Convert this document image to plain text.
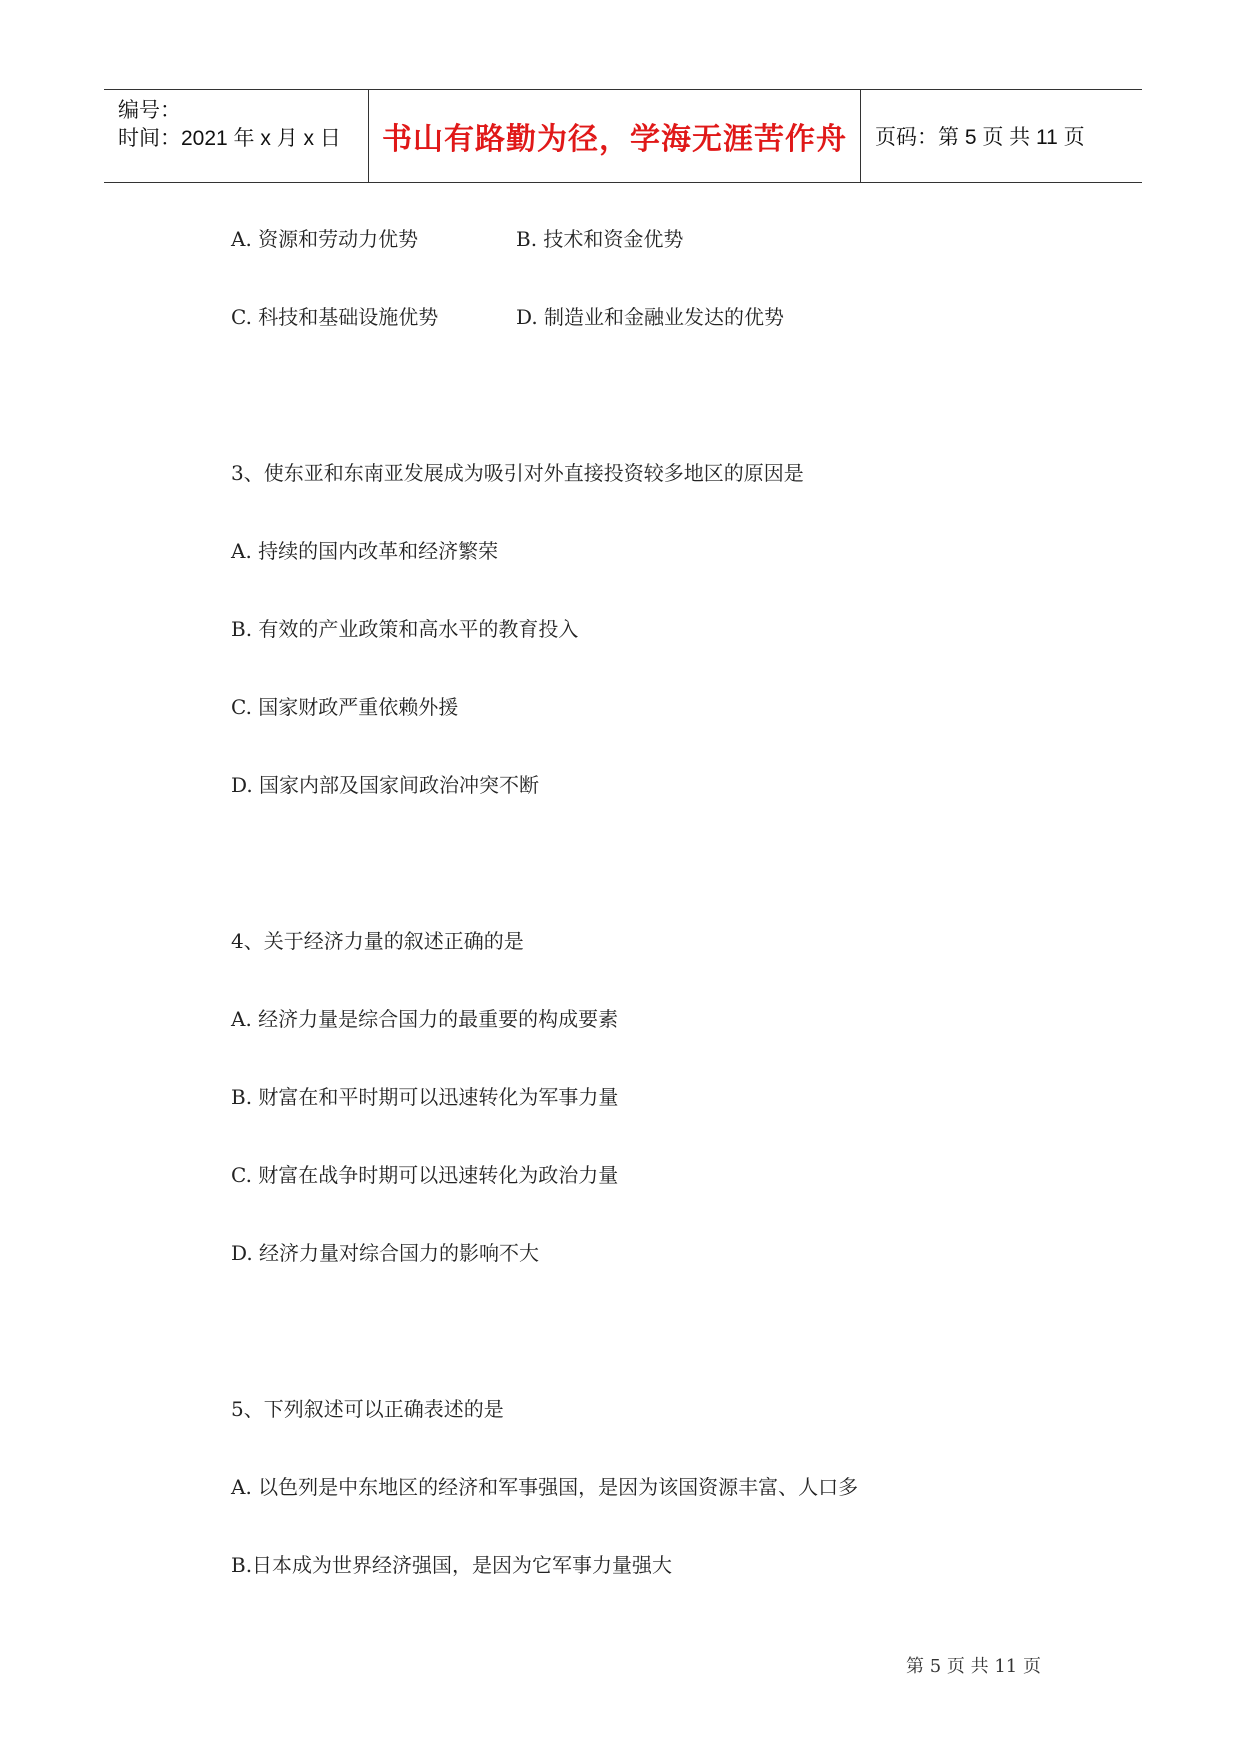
编号：
时间：2021 年 x 月 x 日 书山有路勤为径，学海无涯苦作舟 页码：第 5 页 共 11 页
A. 资源和劳动力优势	B. 技术和资金优势
C. 科技和基础设施优势	D. 制造业和金融业发达的优势
3、使东亚和东南亚发展成为吸引对外直接投资较多地区的原因是
A. 持续的国内改革和经济繁荣
B. 有效的产业政策和高水平的教育投入
C. 国家财政严重依赖外援
D. 国家内部及国家间政治冲突不断
4、关于经济力量的叙述正确的是
A. 经济力量是综合国力的最重要的构成要素
B. 财富在和平时期可以迅速转化为军事力量
C. 财富在战争时期可以迅速转化为政治力量
D. 经济力量对综合国力的影响不大
5、下列叙述可以正确表述的是
A. 以色列是中东地区的经济和军事强国，是因为该国资源丰富、人口多
B.日本成为世界经济强国，是因为它军事力量强大
第 5 页 共 11 页
